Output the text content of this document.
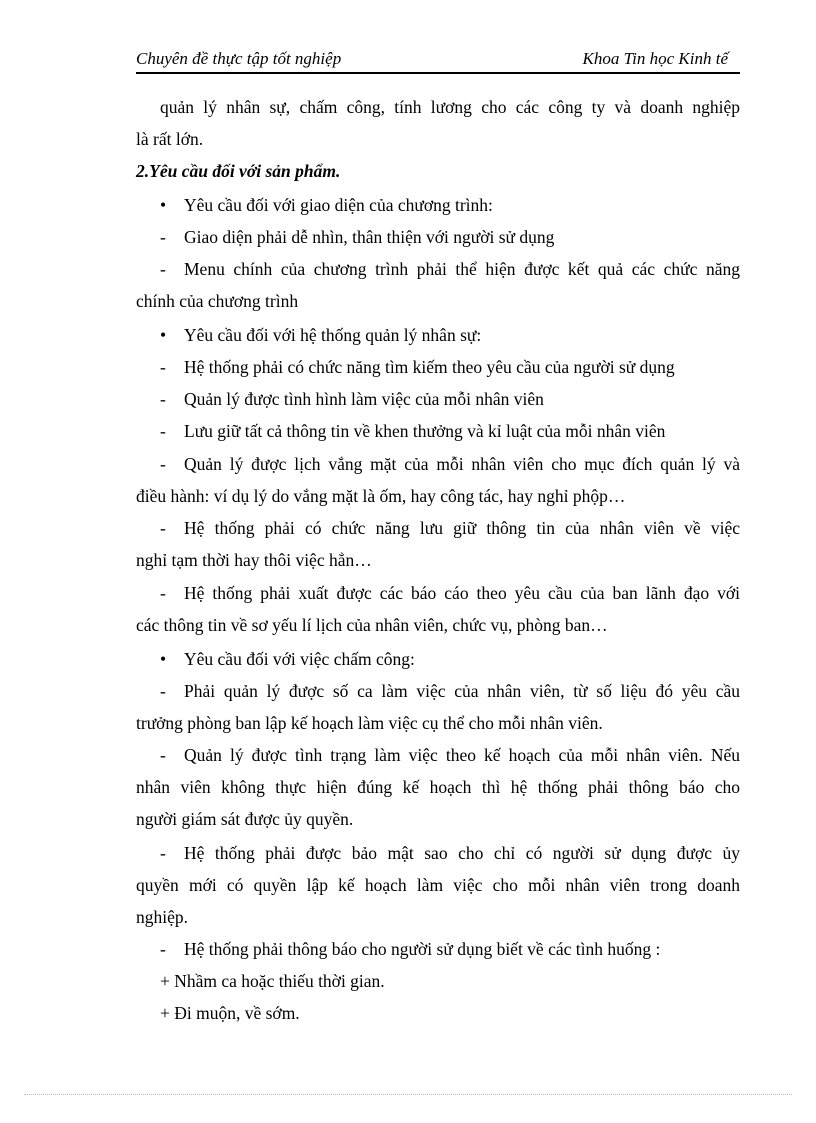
Chuyên đề thực tập tốt nghiệp	Khoa Tin học Kinh tế
quản lý nhân sự, chấm công, tính lương cho các công ty và doanh nghiệp
là rất lớn.
2.Yêu cầu đối với sản phẩm.
• Yêu cầu đối với giao diện của chương trình:
- Giao diện phải dễ nhìn, thân thiện với người sử dụng
- Menu chính của chương trình phải thể hiện được kết quả các chức năng
chính của chương trình
• Yêu cầu đối với hệ thống quản lý nhân sự:
- Hệ thống phải có chức năng tìm kiếm theo yêu cầu của người sử dụng
- Quản lý được tình hình làm việc của mỗi nhân viên
- Lưu giữ tất cả thông tin về khen thưởng và kỉ luật của mỗi nhân viên
- Quản lý được lịch vắng mặt của mỗi nhân viên cho mục đích quản lý và
điều hành: ví dụ lý do vắng mặt là ốm, hay công tác, hay nghỉ phộp…
- Hệ thống phải có chức năng lưu giữ thông tin của nhân viên về việc
nghỉ tạm thời hay thôi việc hẳn…
- Hệ thống phải xuất được các báo cáo theo yêu cầu của ban lãnh đạo với
các thông tin về sơ yếu lí lịch của nhân viên, chức vụ, phòng ban…
• Yêu cầu đối với việc chấm công:
- Phải quản lý được số ca làm việc của nhân viên, từ số liệu đó yêu cầu
trưởng phòng ban lập kế hoạch làm việc cụ thể cho mỗi nhân viên.
- Quản lý được tình trạng làm việc theo kế hoạch của mỗi nhân viên. Nếu
nhân viên không thực hiện đúng kế hoạch thì hệ thống phải thông báo cho
người giám sát được ủy quyền.
- Hệ thống phải được bảo mật sao cho chỉ có người sử dụng được ủy
quyền mới có quyền lập kế hoạch làm việc cho mỗi nhân viên trong doanh
nghiệp.
- Hệ thống phải thông báo cho người sử dụng biết về các tình huống :
+ Nhầm ca hoặc thiếu thời gian.
+ Đi muộn, về sớm.
